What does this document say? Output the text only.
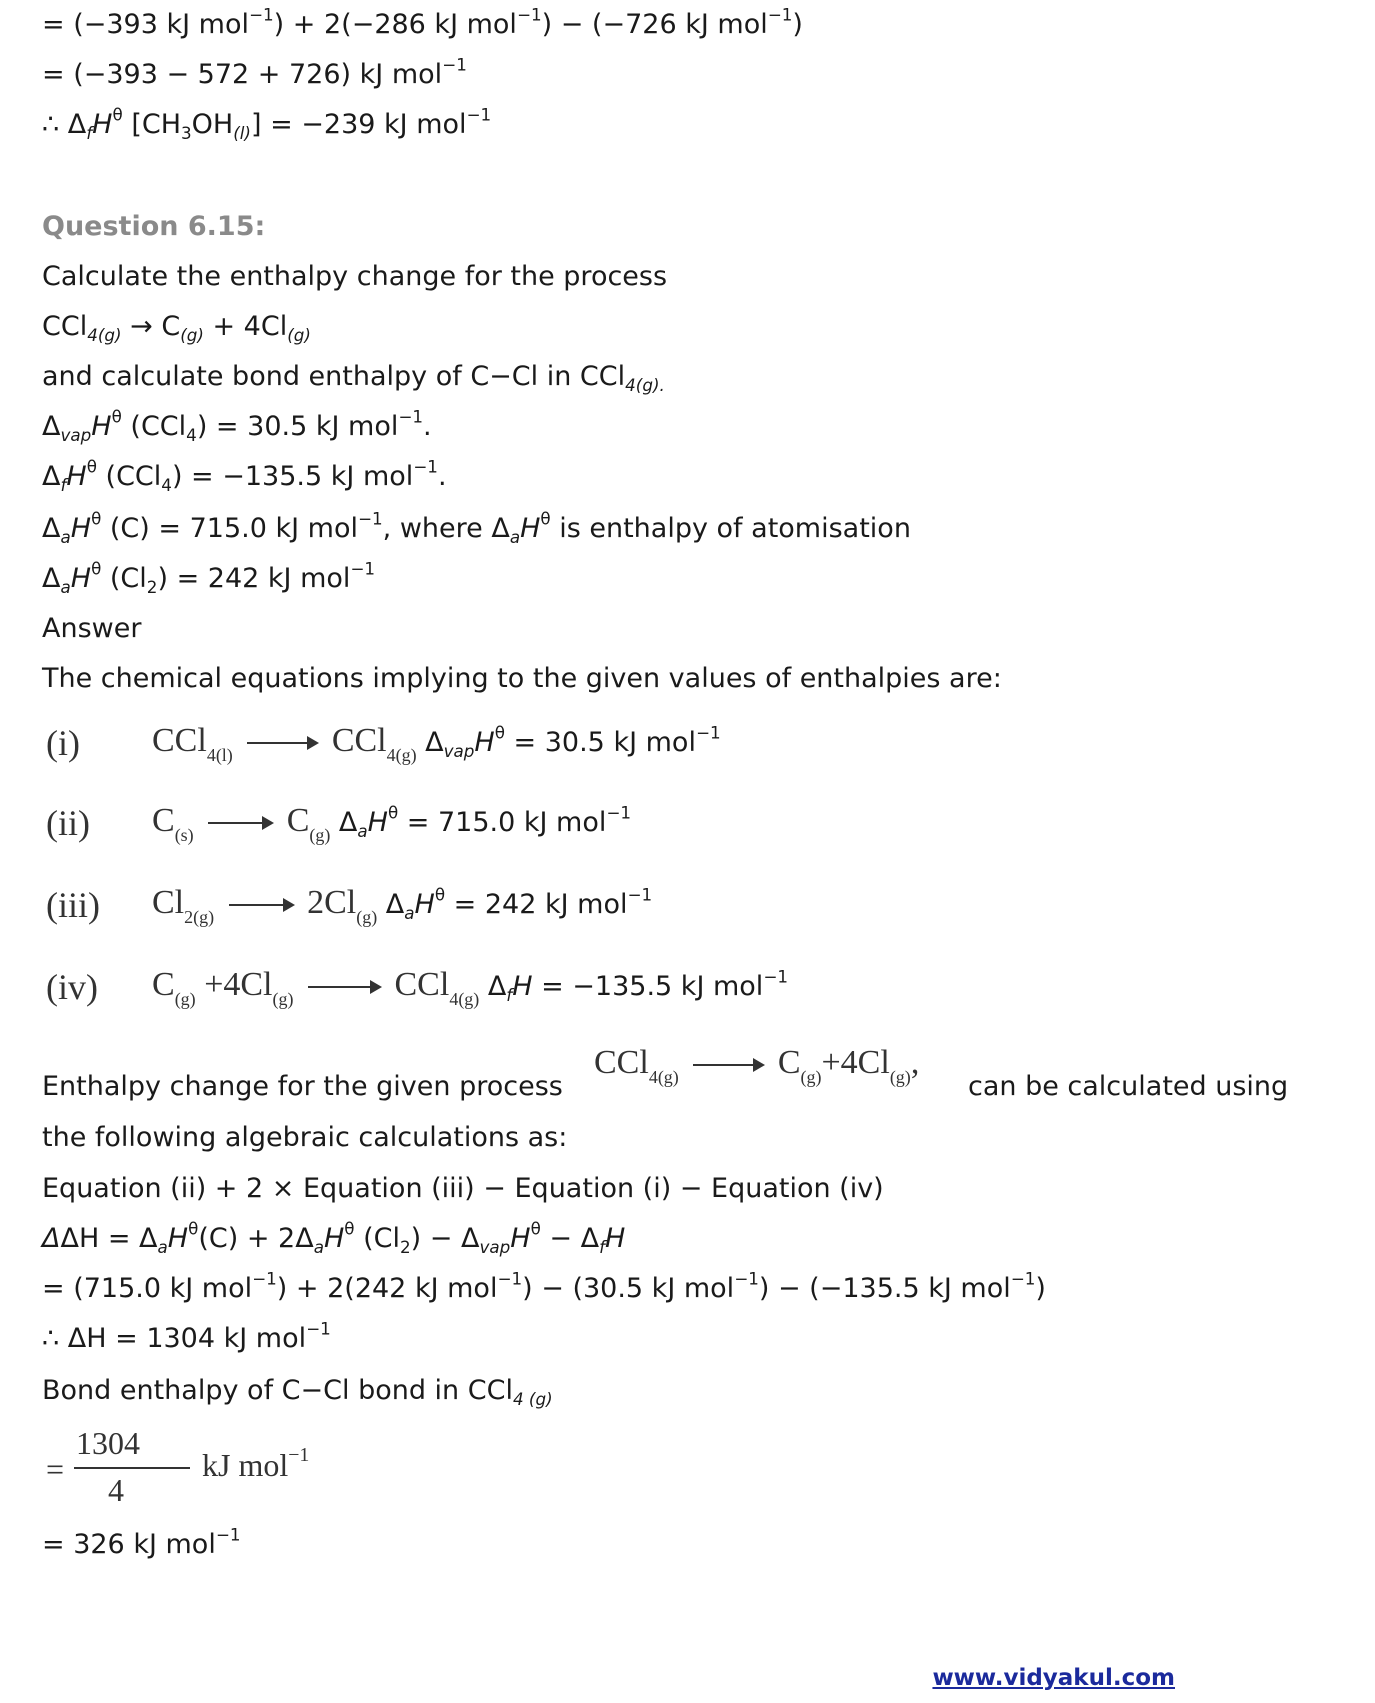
= (−393 kJ mol$^{-1}$) + 2(−286 kJ mol$^{-1}$) − (−726 kJ mol$^{-1}$)
= (−393 − 572 + 726) kJ mol$^{-1}$
∴ $\Delta_fH^\theta$ $[CH_3OH_{(l)}] = -239$ kJ mol$^{-1}$
Question 6.15:
Calculate the enthalpy change for the process
$CCl_{4(g)} \to C_{(g)} + 4Cl_{(g)}$
and calculate bond enthalpy of C−Cl in CCl$_{4(g).}$
$\Delta_{vap}H^\theta$ (CCl$_4$) = 30.5 kJ mol$^{-1}$.
$\Delta_fH^\theta$ (CCl$_4$) = −135.5 kJ mol$^{-1}$.
$\Delta_aH^\theta$ (C) = 715.0 kJ mol$^{-1}$, where $\Delta_aH^\theta$ is enthalpy of atomisation
$\Delta_aH^\theta$ $(Cl_2) = 242$ kJ mol$^{-1}$
Answer
The chemical equations implying to the given values of enthalpies are:
(i) CCl$_{4(l)}$	CCl$_{4(g)}$ $\Delta_{vap}H^\theta = 30.5$ kJ mol$^{-1}$
(ii) $C_{(s)}$	$C_{(g)}$ $\Delta_aH^\theta = 715.0$ kJ mol$^{-1}$
(iii) $Cl_{2(g)}$	$2Cl_{(g)}$ $\Delta_aH^\theta = 242$ kJ mol$^{-1}$
(iv) $C_{(g)} +4Cl_{(g)}$	CCl$_{4(g)}$ $\Delta_fH = -135.5$ kJ mol$^{-1}$
Enthalpy change for the given process
CCl$_{4(g)}$	$C_{(g)}+4Cl_{(g)}$,
can be calculated using
the following algebraic calculations as:
Equation (ii) + 2 × Equation (iii) − Equation (i) − Equation (iv)
$\Delta\Delta H = \Delta_aH^\theta(C) + 2\Delta_aH^\theta$ $(Cl_2) - \Delta_{vap}H^\theta - \Delta_fH$
= (715.0 kJ mol$^{-1}$) + 2(242 kJ mol$^{-1}$) − (30.5 kJ mol$^{-1}$) − (−135.5 kJ mol$^{-1}$)
∴ ΔH = 1304 kJ mol$^{-1}$
Bond enthalpy of C−Cl bond in CCl$_{4 (g)}$
=
1304
4
kJ mol$^{-1}$
= 326 kJ mol$^{-1}$
www.vidyakul.com
